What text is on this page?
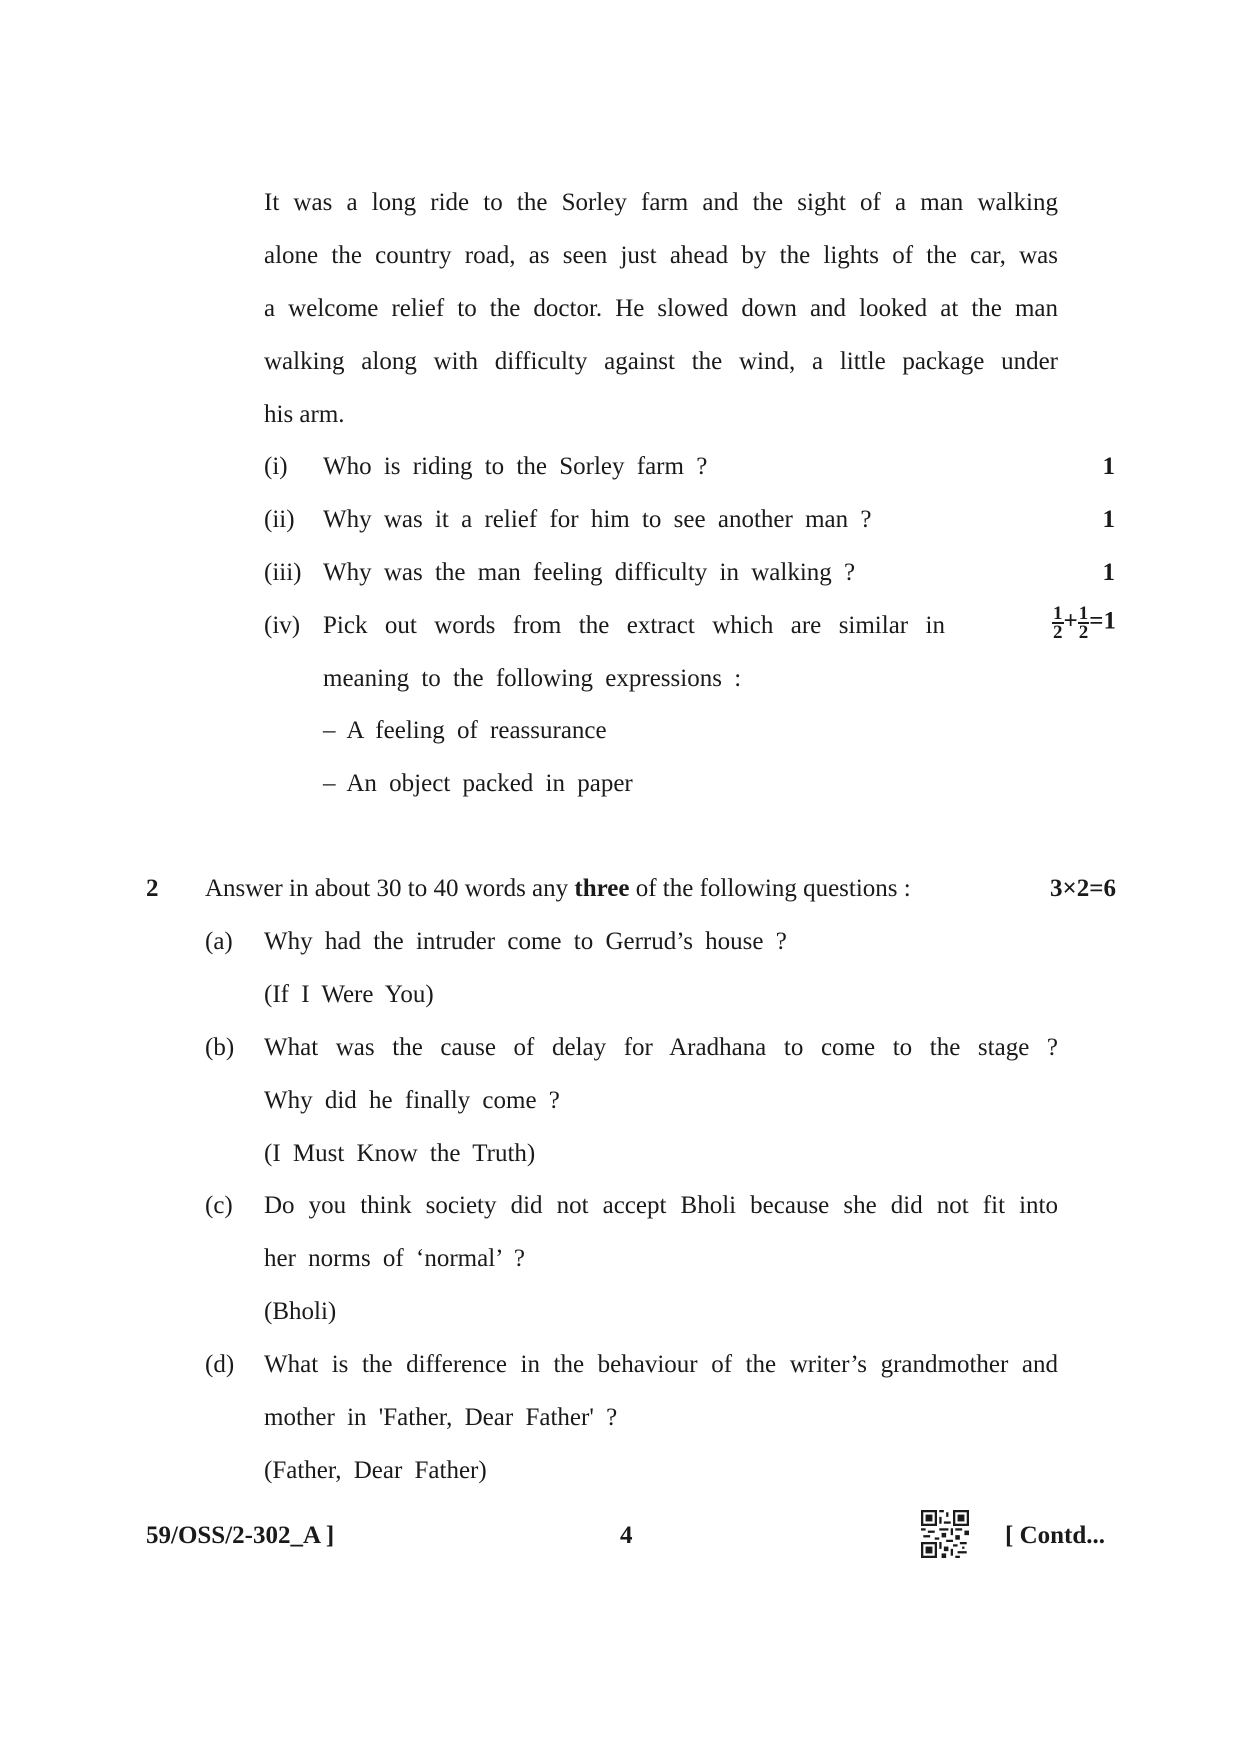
It was a long ride to the Sorley farm and the sight of a man walking
alone the country road, as seen just ahead by the lights of the car, was
a welcome relief to the doctor. He slowed down and looked at the man
walking along with difficulty against the wind, a little package under
his arm.
(i) Who is riding to the Sorley farm ?	1
(ii) Why was it a relief for him to see another man ?	1
(iii) Why was the man feeling difficulty in walking ?	1
(iv) Pick out words from the extract which are similar in	$\frac{1}{2} + \frac{1}{2} =1$
meaning to the following expressions :
– A feeling of reassurance
– An object packed in paper
2 Answer in about 30 to 40 words any three of the following questions :	3×2=6
(a) Why had the intruder come to Gerrud’s house ?
(If I Were You)
(b) What was the cause of delay for Aradhana to come to the stage ?
Why did he finally come ?
(I Must Know the Truth)
(c) Do you think society did not accept Bholi because she did not fit into
her norms of ‘normal’ ?
(Bholi)
(d) What is the difference in the behaviour of the writer’s grandmother and
mother in 'Father, Dear Father' ?
(Father, Dear Father)
59/OSS/2-302_A ]	4	[ Contd...
